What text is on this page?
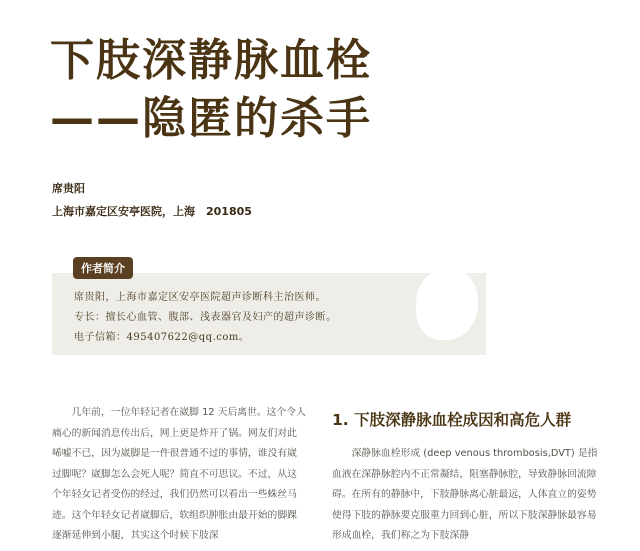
下肢深静脉血栓
——隐匿的杀手
席贵阳
上海市嘉定区安亭医院，上海　201805
作者简介
席贵阳，上海市嘉定区安亭医院超声诊断科主治医师。
专长：擅长心血管、腹部、浅表器官及妇产的超声诊断。
电子信箱：495407622@qq.com。

几年前，一位年轻记者在崴脚 12 天后离世。这个令人痛心的新闻消息传出后，网上更是炸开了锅。网友们对此唏嘘不已，因为崴脚是一件很普通不过的事情，谁没有崴过脚呢？崴脚怎么会死人呢？简直不可思议。不过，从这个年轻女记者受伤的经过，我们仍然可以看出一些蛛丝马迹。这个年轻女记者崴脚后，软组织肿胀由最开始的脚踝逐渐延伸到小腿，其实这个时候下肢深

1. 下肢深静脉血栓成因和高危人群

深静脉血栓形成 (deep venous thrombosis,DVT) 是指血液在深静脉腔内不正常凝结，阻塞静脉腔，导致静脉回流障碍。在所有的静脉中，下肢静脉离心脏最远，人体直立的姿势使得下肢的静脉要克服重力回到心脏，所以下肢深静脉最容易形成血栓，我们称之为下肢深静
